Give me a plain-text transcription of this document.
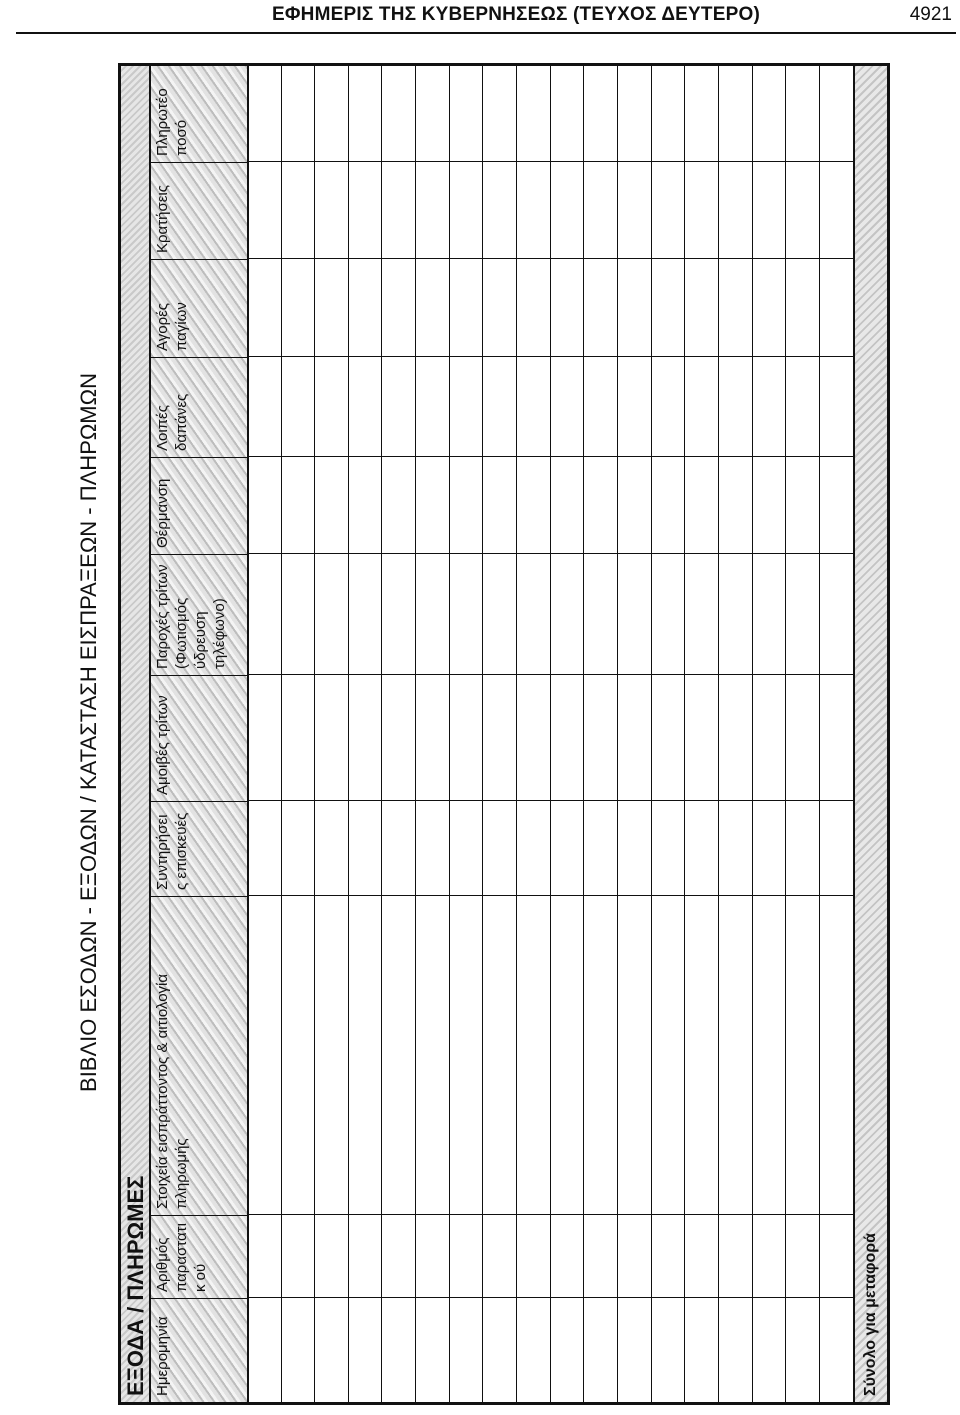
ΕΦΗΜΕΡΙΣ ΤΗΣ ΚΥΒΕΡΝΗΣΕΩΣ (ΤΕΥΧΟΣ ΔΕΥΤΕΡΟ)	4921
ΒΙΒΛΙΟ ΕΣΟΔΩΝ - ΕΞΟΔΩΝ / ΚΑΤΑΣΤΑΣΗ ΕΙΣΠΡΑΞΕΩΝ - ΠΛΗΡΩΜΩΝ
ΕΞΟΔΑ / ΠΛΗΡΩΜΕΣ Ημερομηνία
Αριθμός παραστατικ ού
Στοιχεία εισπράττοντος & αιτιολογία πληρωμής
Συντηρήσεις επισκευές
Αμοιβές τρίτων
Παροχές τρίτων (Φωτισμός ύδρευση τηλέφωνο)
Θέρμανση
Λοιπές δαπάνες
Αγορές παγίων
Κρατήσεις
Πληρωτέο ποσό
Σύνολο για μεταφορά
